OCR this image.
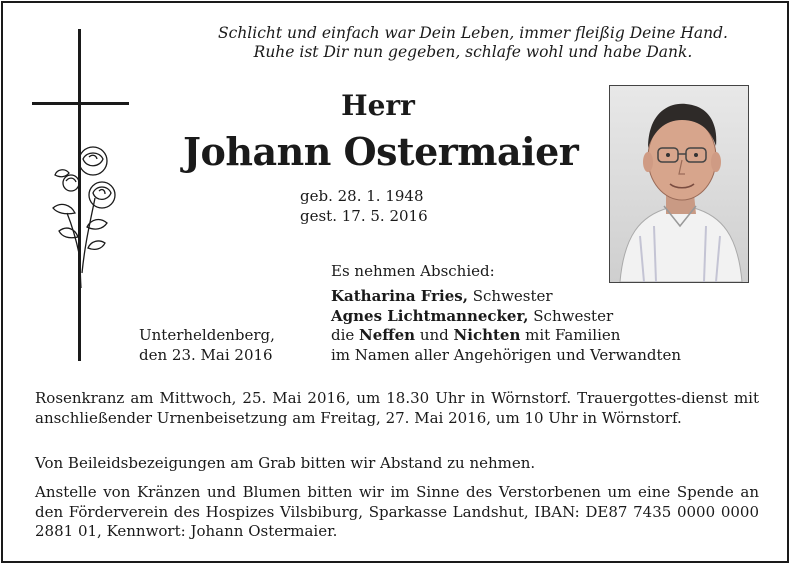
Schlicht und einfach war Dein Leben, immer fleißig Deine Hand.
Ruhe ist Dir nun gegeben, schlafe wohl und habe Dank.
Herr
Johann Ostermaier
geb. 28. 1. 1948
gest. 17. 5. 2016
Es nehmen Abschied:
Katharina Fries, Schwester
Agnes Lichtmannecker, Schwester
die Neffen und Nichten mit Familien
im Namen aller Angehörigen und Verwandten
Unterheldenberg,
den 23. Mai 2016
Rosenkranz am Mittwoch, 25. Mai 2016, um 18.30 Uhr in Wörnstorf. Trauergottes-dienst mit anschließender Urnenbeisetzung am Freitag, 27. Mai 2016, um 10 Uhr in Wörnstorf.
Von Beileidsbezeigungen am Grab bitten wir Abstand zu nehmen.
Anstelle von Kränzen und Blumen bitten wir im Sinne des Verstorbenen um eine Spende an den Förderverein des Hospizes Vilsbiburg, Sparkasse Landshut, IBAN: DE87 7435 0000 0000 2881 01, Kennwort: Johann Ostermaier.
